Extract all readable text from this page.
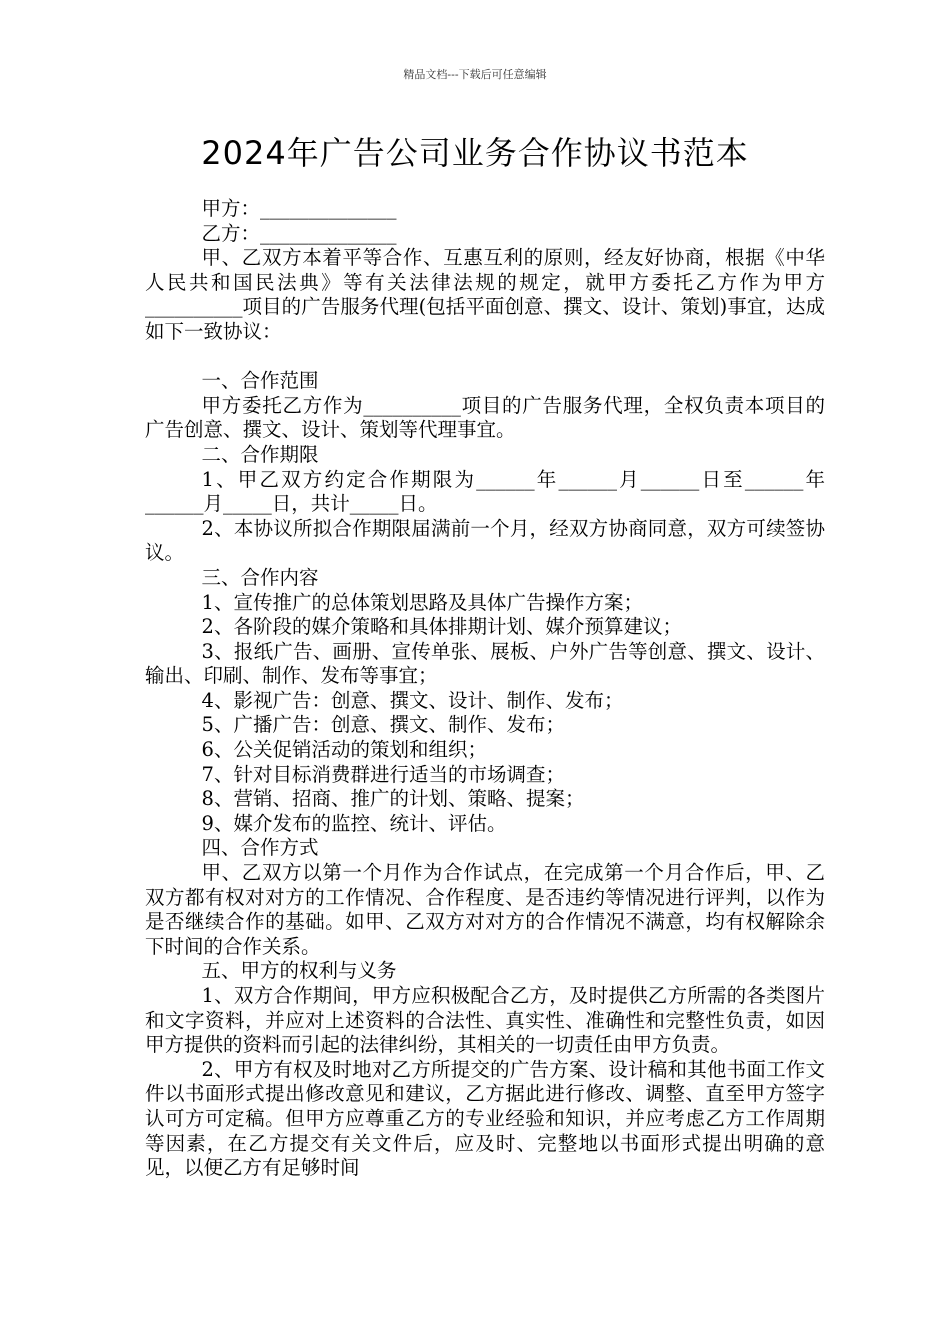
精品文档---下载后可任意编辑
2024年广告公司业务合作协议书范本

甲方：______________

乙方：______________

甲、乙双方本着平等合作、互惠互利的原则，经友好协商，根据《中华人民共和国民法典》等有关法律法规的规定，就甲方委托乙方作为甲方__________项目的广告服务代理(包括平面创意、撰文、设计、策划)事宜，达成如下一致协议：

一、合作范围

甲方委托乙方作为__________项目的广告服务代理，全权负责本项目的广告创意、撰文、设计、策划等代理事宜。

二、合作期限

1、甲乙双方约定合作期限为______年______月______日至______年______月_____日，共计_____日。

2、本协议所拟合作期限届满前一个月，经双方协商同意，双方可续签协议。

三、合作内容

1、宣传推广的总体策划思路及具体广告操作方案；

2、各阶段的媒介策略和具体排期计划、媒介预算建议；

3、报纸广告、画册、宣传单张、展板、户外广告等创意、撰文、设计、输出、印刷、制作、发布等事宜；

4、影视广告：创意、撰文、设计、制作、发布；

5、广播广告：创意、撰文、制作、发布；

6、公关促销活动的策划和组织；

7、针对目标消费群进行适当的市场调查；

8、营销、招商、推广的计划、策略、提案；

9、媒介发布的监控、统计、评估。

四、合作方式

甲、乙双方以第一个月作为合作试点，在完成第一个月合作后，甲、乙双方都有权对对方的工作情况、合作程度、是否违约等情况进行评判，以作为是否继续合作的基础。如甲、乙双方对对方的合作情况不满意，均有权解除余下时间的合作关系。

五、甲方的权利与义务

1、双方合作期间，甲方应积极配合乙方，及时提供乙方所需的各类图片和文字资料，并应对上述资料的合法性、真实性、准确性和完整性负责，如因甲方提供的资料而引起的法律纠纷，其相关的一切责任由甲方负责。

2、甲方有权及时地对乙方所提交的广告方案、设计稿和其他书面工作文件以书面形式提出修改意见和建议，乙方据此进行修改、调整、直至甲方签字认可方可定稿。但甲方应尊重乙方的专业经验和知识，并应考虑乙方工作周期等因素，在乙方提交有关文件后，应及时、完整地以书面形式提出明确的意见，以便乙方有足够时间
